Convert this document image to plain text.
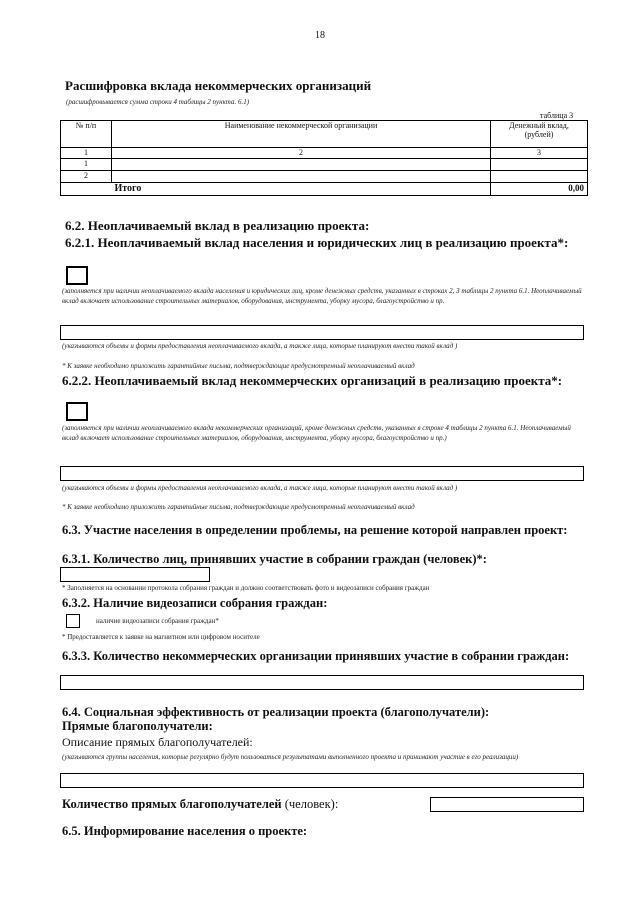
18
Расшифровка вклада некоммерческих организаций
(расшифровывается сумма строки 4 таблицы 2 пункта. 6.1)
таблица 3
№ п/п	Наименование некоммерческой организации	Денежный вклад, (рублей)
1	2	3
1		
2		
	Итого	0,00
6.2. Неоплачиваемый вклад в реализацию проекта:
6.2.1. Неоплачиваемый вклад населения и юридических лиц в реализацию проекта*:
(заполняется при наличии неоплачиваемого вклада населения и юридических лиц, кроме денежных средств, указанных в строках 2, 3 таблицы 2 пункта 6.1. Неоплачиваемый вклад включает использование строительных материалов, оборудования, инструмента, уборку мусора, благоустройство и пр.
(указываются объемы и формы предоставления неоплачиваемого вклада, а также лица, которые планируют внести такой вклад )
* К заявке необходимо приложить гарантийные письма, подтверждающие предусмотренный неоплачиваемый вклад
6.2.2. Неоплачиваемый вклад некоммерческих организаций в реализацию проекта*:
(заполняется при наличии неоплачиваемого вклада некоммерческих организаций, кроме денежных средств, указанных в строке 4 таблицы 2 пункта 6.1. Неоплачиваемый вклад включает использование строительных материалов, оборудования, инструмента, уборку мусора, благоустройство и пр.)
(указываются объемы и формы предоставления неоплачиваемого вклада, а также лица, которые планируют внести такой вклад )
* К заявке необходимо приложить гарантийные письма, подтверждающие предусмотренный неоплачиваемый вклад
6.3. Участие населения в определении проблемы, на решение которой направлен проект:
6.3.1. Количество лиц, принявших участие в собрании граждан (человек)*:
* Заполняется на основании протокола собрания граждан и должно соответствовать фото и видеозаписи собрания граждан
6.3.2. Наличие видеозаписи собрания граждан:
наличие видеозаписи собрания граждан*
* Предоставляется к заявке на магнитном или цифровом носителе
6.3.3. Количество некоммерческих организации принявших участие в собрании граждан:
6.4. Социальная эффективность от реализации проекта (благополучатели):
Прямые благополучатели:
Описание прямых благополучателей:
(указываются группы населения, которые регулярно будут пользоваться результатами выполненного проекта и принимают участие в его реализации)
Количество прямых благополучателей (человек):
6.5. Информирование населения о проекте:
